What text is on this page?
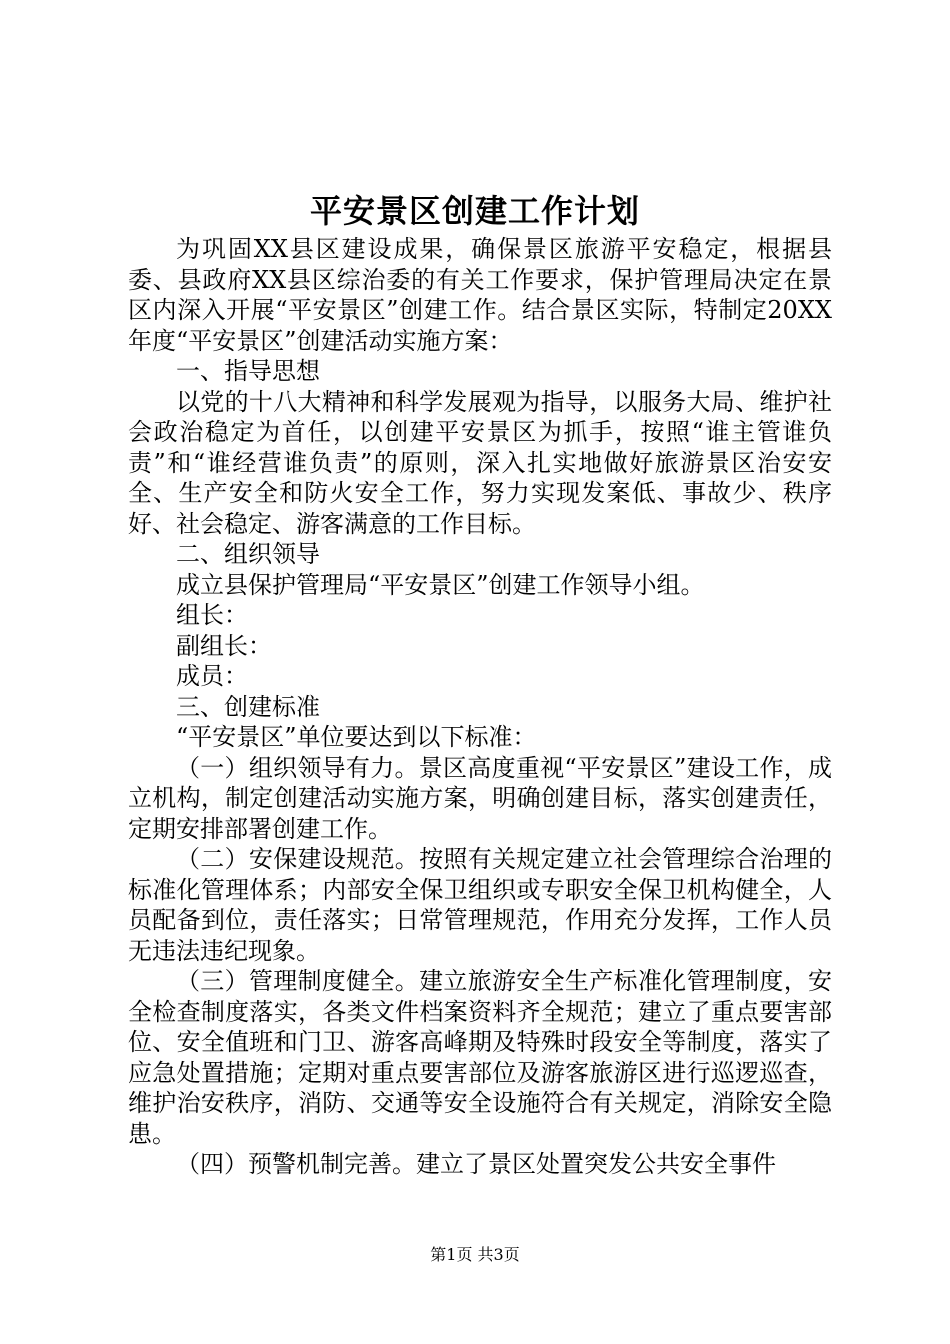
平安景区创建工作计划

为巩固XX县区建设成果，确保景区旅游平安稳定，根据县委、县政府XX县区综治委的有关工作要求，保护管理局决定在景区内深入开展“平安景区”创建工作。结合景区实际，特制定20XX年度“平安景区”创建活动实施方案：

一、指导思想

以党的十八大精神和科学发展观为指导，以服务大局、维护社会政治稳定为首任，以创建平安景区为抓手，按照“谁主管谁负责”和“谁经营谁负责”的原则，深入扎实地做好旅游景区治安安全、生产安全和防火安全工作，努力实现发案低、事故少、秩序好、社会稳定、游客满意的工作目标。

二、组织领导

成立县保护管理局“平安景区”创建工作领导小组。

组长：

副组长：

成员：

三、创建标准

“平安景区”单位要达到以下标准：

（一）组织领导有力。景区高度重视“平安景区”建设工作，成立机构，制定创建活动实施方案，明确创建目标，落实创建责任，定期安排部署创建工作。

（二）安保建设规范。按照有关规定建立社会管理综合治理的标准化管理体系；内部安全保卫组织或专职安全保卫机构健全，人员配备到位，责任落实；日常管理规范，作用充分发挥，工作人员无违法违纪现象。

（三）管理制度健全。建立旅游安全生产标准化管理制度，安全检查制度落实，各类文件档案资料齐全规范；建立了重点要害部位、安全值班和门卫、游客高峰期及特殊时段安全等制度，落实了应急处置措施；定期对重点要害部位及游客旅游区进行巡逻巡查，维护治安秩序，消防、交通等安全设施符合有关规定，消除安全隐患。

（四）预警机制完善。建立了景区处置突发公共安全事件

第1页 共3页
